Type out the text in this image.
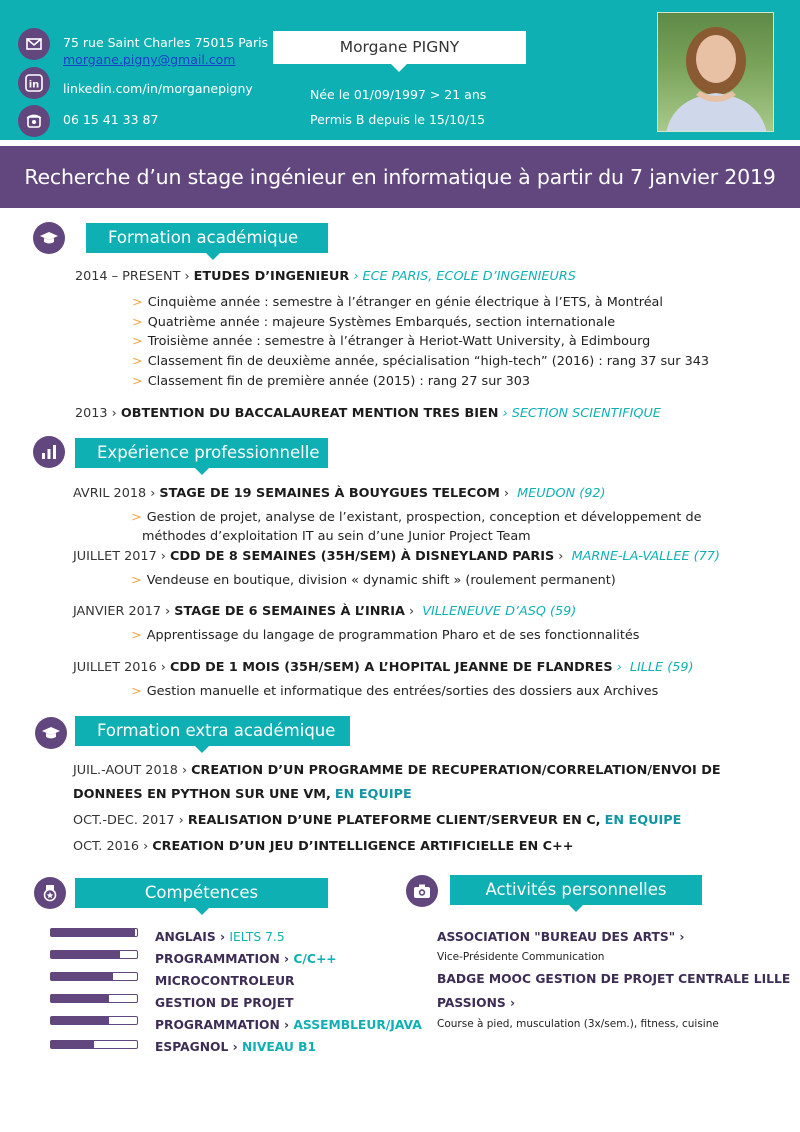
75 rue Saint Charles 75015 Paris
morgane.pigny@gmail.com
in linkedin.com/in/morganepigny
06 15 41 33 87
Morgane PIGNY
Née le 01/09/1997 > 21 ans
Permis B depuis le 15/10/15
Recherche d’un stage ingénieur en informatique à partir du 7 janvier 2019
Formation académique
2014 – PRESENT › ETUDES D’INGENIEUR › ECE PARIS, ECOLE D’INGENIEURS
> Cinquième année : semestre à l’étranger en génie électrique à l’ETS, à Montréal
> Quatrième année : majeure Systèmes Embarqués, section internationale
> Troisième année : semestre à l’étranger à Heriot-Watt University, à Edimbourg
> Classement fin de deuxième année, spécialisation “high-tech” (2016) : rang 37 sur 343
> Classement fin de première année (2015) : rang 27 sur 303
2013 › OBTENTION DU BACCALAUREAT MENTION TRES BIEN › SECTION SCIENTIFIQUE
Expérience professionnelle
AVRIL 2018 › STAGE DE 19 SEMAINES À BOUYGUES TELECOM ›  MEUDON (92)
> Gestion de projet, analyse de l’existant, prospection, conception et développement de
méthodes d’exploitation IT au sein d’une Junior Project Team
JUILLET 2017 › CDD DE 8 SEMAINES (35H/SEM) À DISNEYLAND PARIS ›  MARNE-LA-VALLEE (77)
> Vendeuse en boutique, division « dynamic shift » (roulement permanent)
JANVIER 2017 › STAGE DE 6 SEMAINES À L’INRIA ›  VILLENEUVE D’ASQ (59)
> Apprentissage du langage de programmation Pharo et de ses fonctionnalités
JUILLET 2016 › CDD DE 1 MOIS (35H/SEM) A L’HOPITAL JEANNE DE FLANDRES ›  LILLE (59)
> Gestion manuelle et informatique des entrées/sorties des dossiers aux Archives
Formation extra académique
JUIL.-AOUT 2018 › CREATION D’UN PROGRAMME DE RECUPERATION/CORRELATION/ENVOI DE
DONNEES EN PYTHON SUR UNE VM, EN EQUIPE
OCT.-DEC. 2017 › REALISATION D’UNE PLATEFORME CLIENT/SERVEUR EN C, EN EQUIPE
OCT. 2016 › CREATION D’UN JEU D’INTELLIGENCE ARTIFICIELLE EN C++
Compétences
ANGLAIS › IELTS 7.5
PROGRAMMATION › C/C++
MICROCONTROLEUR
GESTION DE PROJET
PROGRAMMATION › ASSEMBLEUR/JAVA
ESPAGNOL › NIVEAU B1
Activités personnelles
ASSOCIATION "BUREAU DES ARTS" ›
Vice-Présidente Communication
BADGE MOOC GESTION DE PROJET CENTRALE LILLE
PASSIONS ›
Course à pied, musculation (3x/sem.), fitness, cuisine
